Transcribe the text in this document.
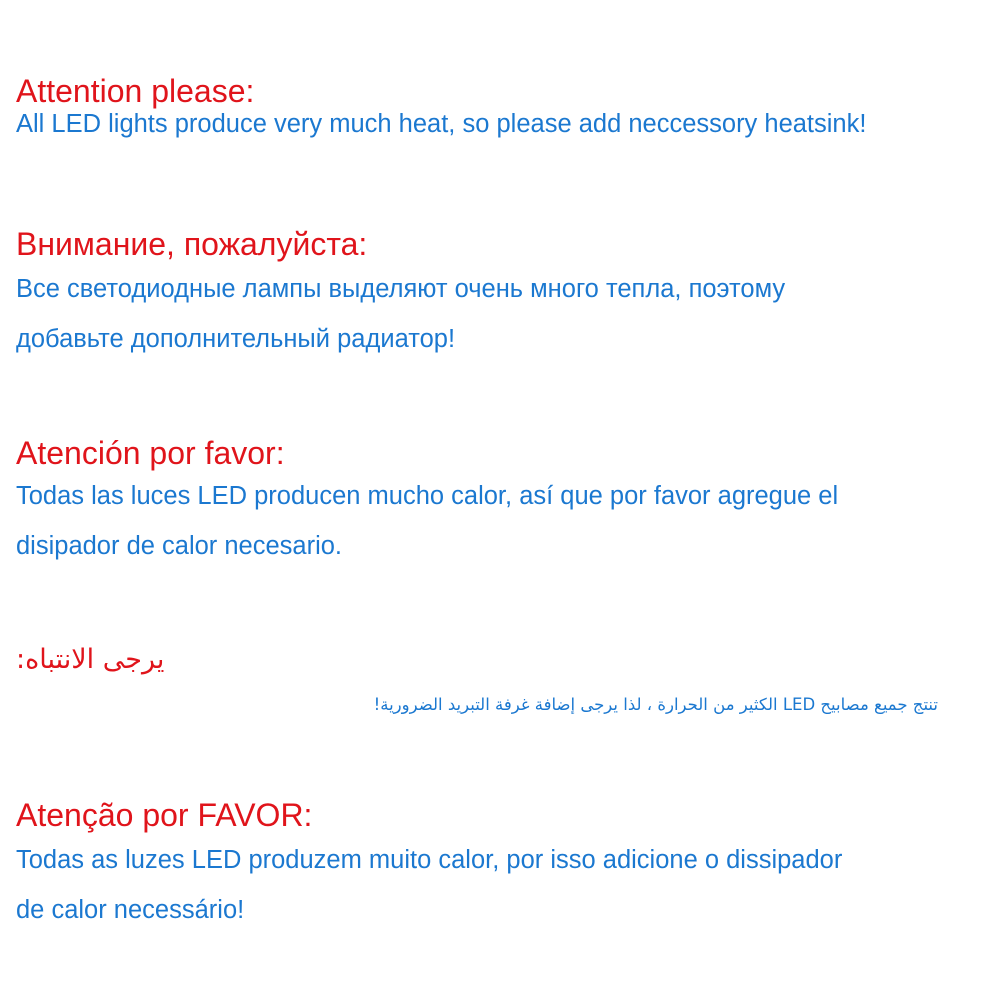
Attention please:
All LED lights produce very much heat, so please add neccessory heatsink!
Внимание, пожалуйста:
Все светодиодные лампы выделяют очень много тепла, поэтому
добавьте дополнительный радиатор!
Atención por favor:
Todas las luces LED producen mucho calor, así que por favor agregue el
disipador de calor necesario.
يرجى الانتباه:
تنتج جميع مصابيح LED الكثير من الحرارة ، لذا يرجى إضافة غرفة التبريد الضرورية!
Atenção por FAVOR:
Todas as luzes LED produzem muito calor, por isso adicione o dissipador
de calor necessário!
